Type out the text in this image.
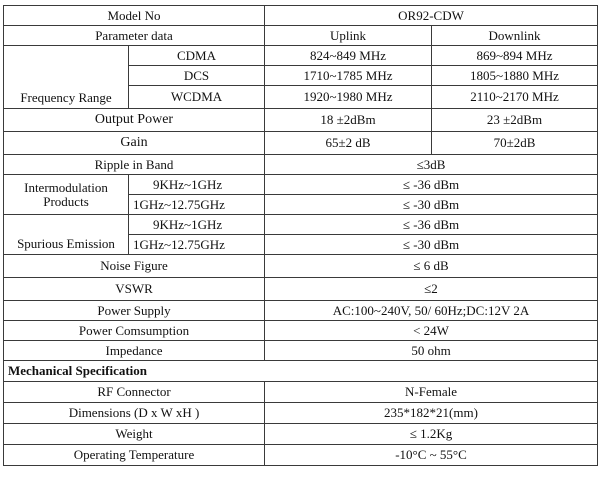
Model No		OR92-CDW	
Parameter data		Uplink	Downlink
Frequency Range	CDMA	824~849 MHz	869~894 MHz
	DCS	1710~1785 MHz	1805~1880 MHz
	WCDMA	1920~1980 MHz	2110~2170 MHz
Output Power		18 ±2dBm	23 ±2dBm
Gain		65±2 dB	70±2dB
Ripple in Band		≤3dB	
Intermodulation
Products	9KHz~1GHz	≤ -36 dBm	
	1GHz~12.75GHz	≤ -30 dBm	
Spurious Emission	9KHz~1GHz	≤ -36 dBm	
	1GHz~12.75GHz	≤ -30 dBm	
Noise Figure		≤ 6 dB	
VSWR		≤2	
Power Supply		AC:100~240V, 50/ 60Hz;DC:12V 2A	
Power Comsumption		< 24W	
Impedance		50 ohm	
Mechanical Specification			
RF Connector		N-Female	
Dimensions (D x W xH )		235*182*21(mm)	
Weight		≤ 1.2Kg	
Operating Temperature		-10°C ~ 55°C	
